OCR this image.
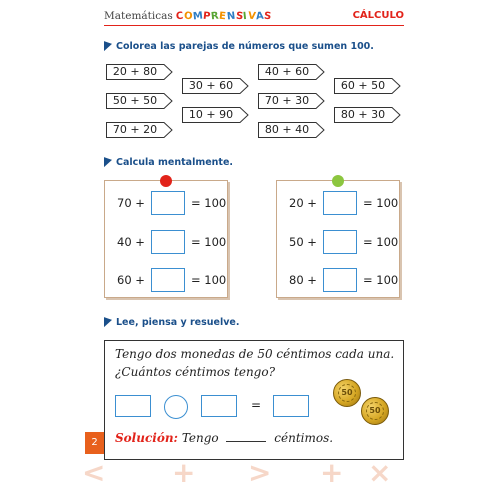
Matemáticas COMPRENSIVAS	CÁLCULO
Colorea las parejas de números que sumen 100.
20 + 80
50 + 50
70 + 20
30 + 60
10 + 90
40 + 60
70 + 30
80 + 40
60 + 50
80 + 30
Calcula mentalmente.
70 +	= 100
40 +	= 100
60 +	= 100
20 +	= 100
50 +	= 100
80 +	= 100
Lee, piensa y resuelve.
Tengo dos monedas de 50 céntimos cada una.
¿Cuántos céntimos tengo?
=
50
50
Solución: Tengo	céntimos.
2
< + > + ×
